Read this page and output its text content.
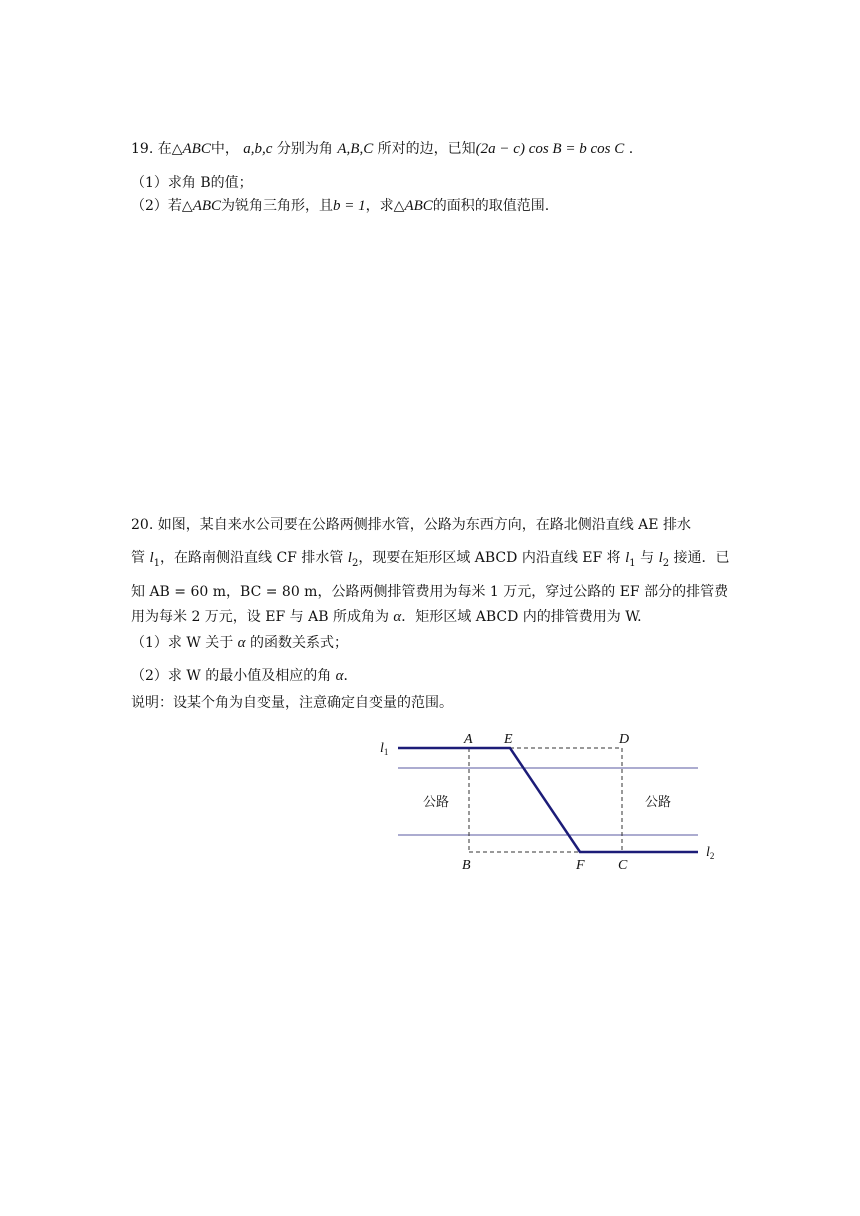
19. 在△ABC中， a,b,c 分别为角 A,B,C 所对的边，已知(2a − c) cos B = b cos C .
（1）求角 B的值；
（2）若△ABC为锐角三角形，且b = 1，求△ABC的面积的取值范围.
20. 如图，某自来水公司要在公路两侧排水管，公路为东西方向，在路北侧沿直线 AE 排水
管 $l_1$，在路南侧沿直线 CF 排水管 $l_2$，现要在矩形区域 ABCD 内沿直线 EF 将 $l_1$ 与 $l_2$ 接通．已
知 AB = 60 m，BC = 80 m，公路两侧排管费用为每米 1 万元，穿过公路的 EF 部分的排管费
用为每米 2 万元，设 EF 与 AB 所成角为 α．矩形区域 ABCD 内的排管费用为 W.
（1）求 W 关于 α 的函数关系式；
（2）求 W 的最小值及相应的角 α．
说明：设某个角为自变量，注意确定自变量的范围。
$l_1$
A E	D
B	F C
$l_2$
公路	公路
